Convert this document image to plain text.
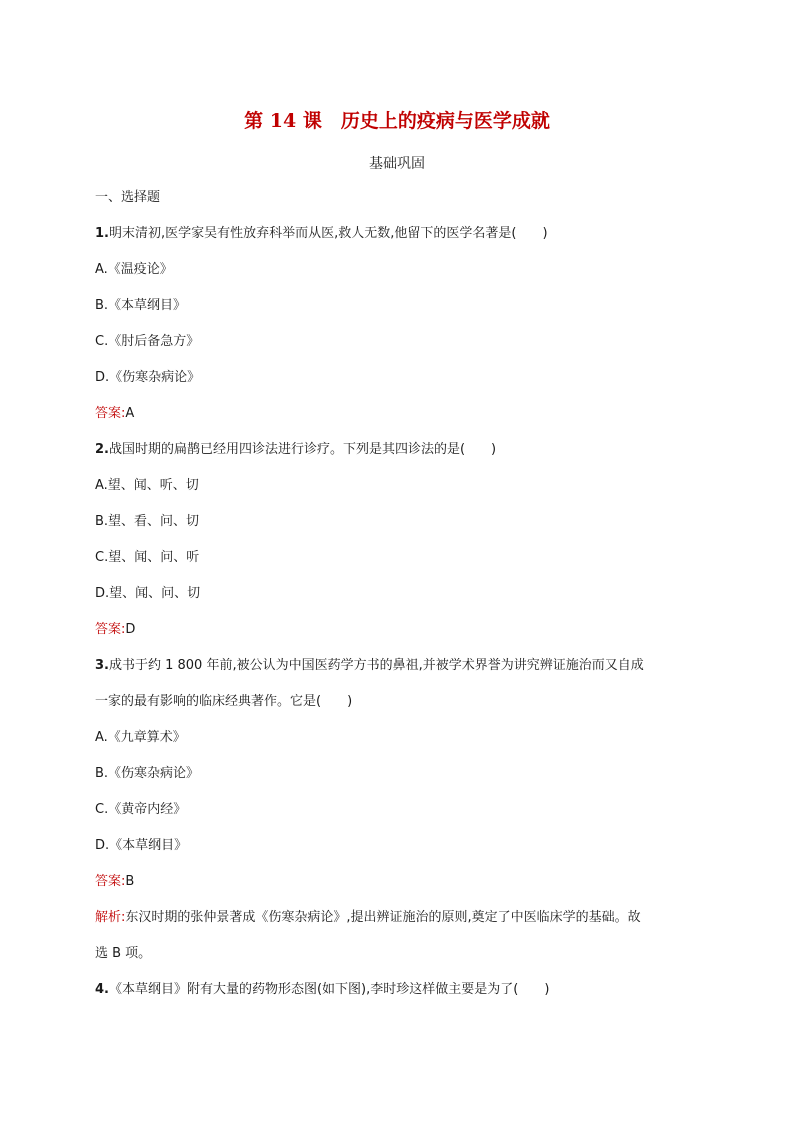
第 14 课　历史上的疫病与医学成就
基础巩固
一、选择题
1.明末清初,医学家吴有性放弃科举而从医,救人无数,他留下的医学名著是(　　)
A.《温疫论》
B.《本草纲目》
C.《肘后备急方》
D.《伤寒杂病论》
答案:A
2.战国时期的扁鹊已经用四诊法进行诊疗。下列是其四诊法的是(　　)
A.望、闻、听、切
B.望、看、问、切
C.望、闻、问、听
D.望、闻、问、切
答案:D
3.成书于约 1 800 年前,被公认为中国医药学方书的鼻祖,并被学术界誉为讲究辨证施治而又自成
一家的最有影响的临床经典著作。它是(　　)
A.《九章算术》
B.《伤寒杂病论》
C.《黄帝内经》
D.《本草纲目》
答案:B
解析:东汉时期的张仲景著成《伤寒杂病论》,提出辨证施治的原则,奠定了中医临床学的基础。故
选 B 项。
4.《本草纲目》附有大量的药物形态图(如下图),李时珍这样做主要是为了(　　)
